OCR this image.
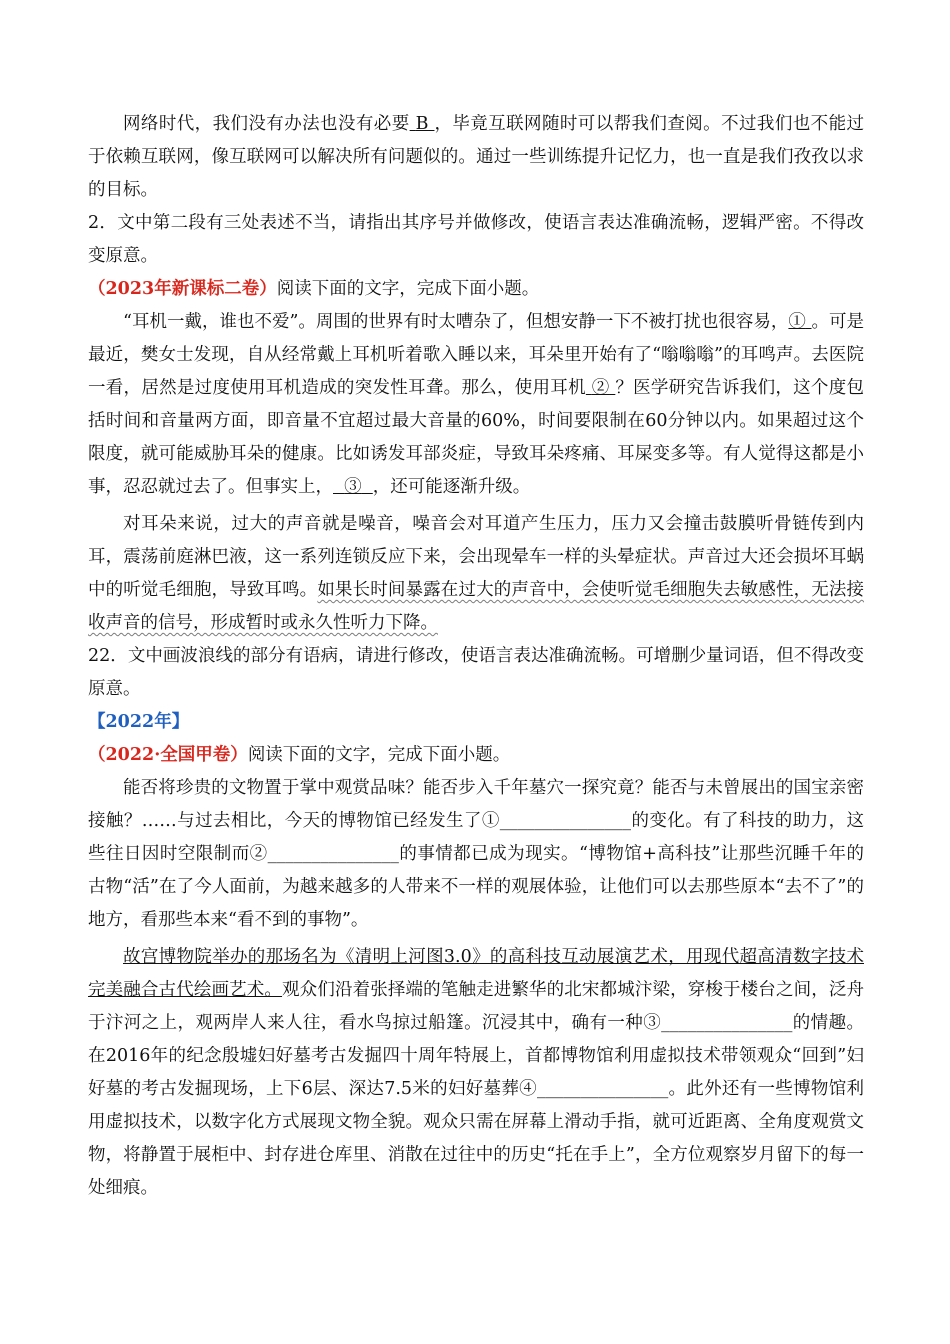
网络时代，我们没有办法也没有必要 B ，毕竟互联网随时可以帮我们查阅。不过我们也不能过于依赖互联网，像互联网可以解决所有问题似的。通过一些训练提升记忆力，也一直是我们孜孜以求的目标。

2．文中第二段有三处表述不当，请指出其序号并做修改，使语言表达准确流畅，逻辑严密。不得改变原意。

（2023年新课标二卷）阅读下面的文字，完成下面小题。

“耳机一戴，谁也不爱”。周围的世界有时太嘈杂了，但想安静一下不被打扰也很容易，① 。可是最近，樊女士发现，自从经常戴上耳机听着歌入睡以来，耳朵里开始有了“嗡嗡嗡”的耳鸣声。去医院一看，居然是过度使用耳机造成的突发性耳聋。那么，使用耳机 ② ？医学研究告诉我们，这个度包括时间和音量两方面，即音量不宜超过最大音量的60%，时间要限制在60分钟以内。如果超过这个限度，就可能威胁耳朵的健康。比如诱发耳部炎症，导致耳朵疼痛、耳屎变多等。有人觉得这都是小事，忍忍就过去了。但事实上， ③ ，还可能逐渐升级。

对耳朵来说，过大的声音就是噪音，噪音会对耳道产生压力，压力又会撞击鼓膜听骨链传到内耳，震荡前庭淋巴液，这一系列连锁反应下来，会出现晕车一样的头晕症状。声音过大还会损坏耳蜗中的听觉毛细胞，导致耳鸣。如果长时间暴露在过大的声音中，会使听觉毛细胞失去敏感性，无法接收声音的信号，形成暂时或永久性听力下降。

22．文中画波浪线的部分有语病，请进行修改，使语言表达准确流畅。可增删少量词语，但不得改变原意。

【2022年】

（2022·全国甲卷）阅读下面的文字，完成下面小题。

能否将珍贵的文物置于掌中观赏品味？能否步入千年墓穴一探究竟？能否与未曾展出的国宝亲密接触？……与过去相比，今天的博物馆已经发生了①_______________的变化。有了科技的助力，这些往日因时空限制而②_______________的事情都已成为现实。“博物馆+高科技”让那些沉睡千年的古物“活”在了今人面前，为越来越多的人带来不一样的观展体验，让他们可以去那些原本“去不了”的地方，看那些本来“看不到的事物”。

故宫博物院举办的那场名为《清明上河图3.0》的高科技互动展演艺术，用现代超高清数字技术完美融合古代绘画艺术。观众们沿着张择端的笔触走进繁华的北宋都城汴梁，穿梭于楼台之间，泛舟于汴河之上，观两岸人来人往，看水鸟掠过船篷。沉浸其中，确有一种③_______________的情趣。在2016年的纪念殷墟妇好墓考古发掘四十周年特展上，首都博物馆利用虚拟技术带领观众“回到”妇好墓的考古发掘现场，上下6层、深达7.5米的妇好墓葬④_______________。此外还有一些博物馆利用虚拟技术，以数字化方式展现文物全貌。观众只需在屏幕上滑动手指，就可近距离、全角度观赏文物，将静置于展柜中、封存进仓库里、消散在过往中的历史“托在手上”，全方位观察岁月留下的每一处细痕。
